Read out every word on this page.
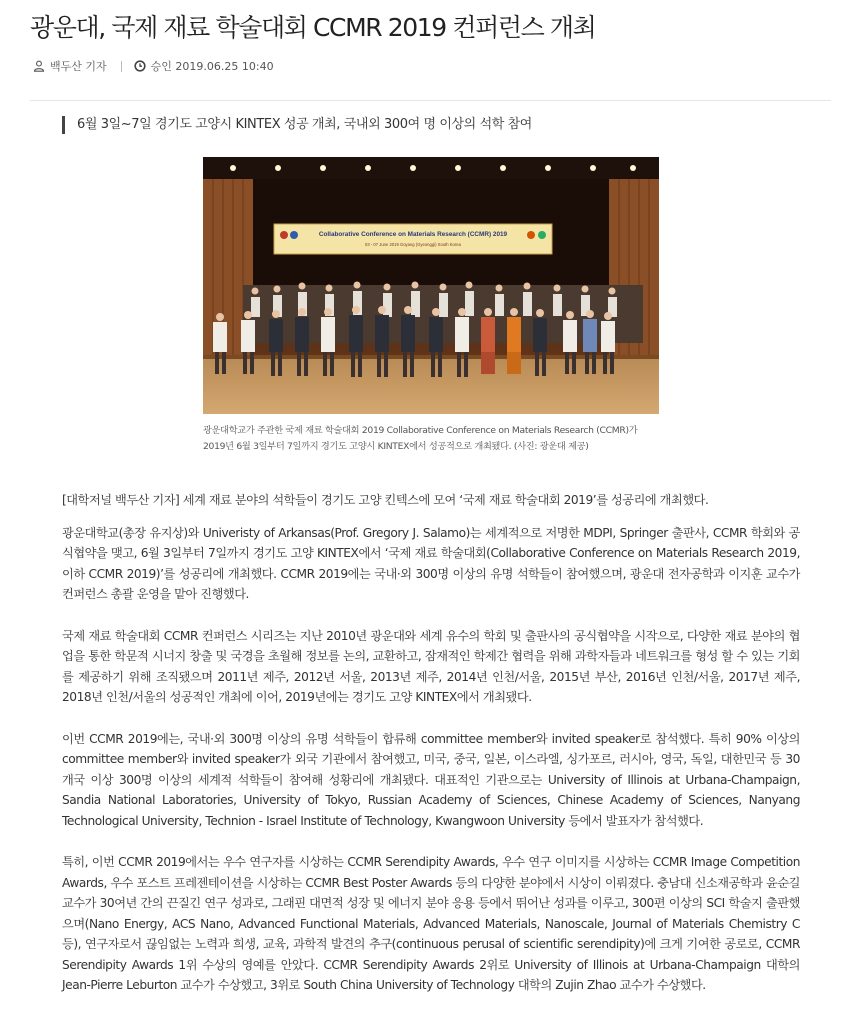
광운대, 국제 재료 학술대회 CCMR 2019 컨퍼런스 개최
백두산 기자	승인 2019.06.25 10:40
6월 3일~7일 경기도 고양시 KINTEX 성공 개최, 국내외 300여 명 이상의 석학 참여
Collaborative Conference on Materials Research (CCMR) 2019
03 - 07 June 2019 Goyang (Gyeonggi) South Korea
광운대학교가 주관한 국제 재료 학술대회 2019 Collaborative Conference on Materials Research (CCMR)가 2019년 6월 3일부터 7일까지 경기도 고양시 KINTEX에서 성공적으로 개최됐다. (사진: 광운대 제공)

[대학저널 백두산 기자] 세계 재료 분야의 석학들이 경기도 고양 킨텍스에 모여 ‘국제 재료 학술대회 2019’를 성공리에 개최했다.

광운대학교(총장 유지상)와 Univeristy of Arkansas(Prof. Gregory J. Salamo)는 세계적으로 저명한 MDPI, Springer 출판사, CCMR 학회와 공식협약을 맺고, 6월 3일부터 7일까지 경기도 고양 KINTEX에서 ‘국제 재료 학술대회(Collaborative Conference on Materials Research 2019, 이하 CCMR 2019)’를 성공리에 개최했다. CCMR 2019에는 국내·외 300명 이상의 유명 석학들이 참여했으며, 광운대 전자공학과 이지훈 교수가 컨퍼런스 총괄 운영을 맡아 진행했다.

국제 재료 학술대회 CCMR 컨퍼런스 시리즈는 지난 2010년 광운대와 세계 유수의 학회 및 출판사의 공식협약을 시작으로, 다양한 재료 분야의 협업을 통한 학문적 시너지 창출 및 국경을 초월해 정보를 논의, 교환하고, 잠재적인 학제간 협력을 위해 과학자들과 네트워크를 형성 할 수 있는 기회를 제공하기 위해 조직됐으며 2011년 제주, 2012년 서울, 2013년 제주, 2014년 인천/서울, 2015년 부산, 2016년 인천/서울, 2017년 제주, 2018년 인천/서울의 성공적인 개최에 이어, 2019년에는 경기도 고양 KINTEX에서 개최됐다.

이번 CCMR 2019에는, 국내·외 300명 이상의 유명 석학들이 합류해 committee member와 invited speaker로 참석했다. 특히 90% 이상의 committee member와 invited speaker가 외국 기관에서 참여했고, 미국, 중국, 일본, 이스라엘, 싱가포르, 러시아, 영국, 독일, 대한민국 등 30개국 이상 300명 이상의 세계적 석학들이 참여해 성황리에 개최됐다. 대표적인 기관으로는 University of Illinois at Urbana-Champaign, Sandia National Laboratories, University of Tokyo, Russian Academy of Sciences, Chinese Academy of Sciences, Nanyang Technological University, Technion - Israel Institute of Technology, Kwangwoon University 등에서 발표자가 참석했다.

특히, 이번 CCMR 2019에서는 우수 연구자를 시상하는 CCMR Serendipity Awards, 우수 연구 이미지를 시상하는 CCMR Image Competition Awards, 우수 포스트 프레젠테이션을 시상하는 CCMR Best Poster Awards 등의 다양한 분야에서 시상이 이뤄졌다. 충남대 신소재공학과 윤순길 교수가 30여년 간의 끈질긴 연구 성과로, 그래핀 대면적 성장 및 에너지 분야 응용 등에서 뛰어난 성과를 이루고, 300편 이상의 SCI 학술지 출판했으며(Nano Energy, ACS Nano, Advanced Functional Materials, Advanced Materials, Nanoscale, Journal of Materials Chemistry C 등), 연구자로서 끊임없는 노력과 희생, 교육, 과학적 발견의 추구(continuous perusal of scientific serendipity)에 크게 기여한 공로로, CCMR Serendipity Awards 1위 수상의 영예를 안았다. CCMR Serendipity Awards 2위로 University of Illinois at Urbana-Champaign 대학의 Jean-Pierre Leburton 교수가 수상했고, 3위로 South China University of Technology 대학의 Zujin Zhao 교수가 수상했다.
